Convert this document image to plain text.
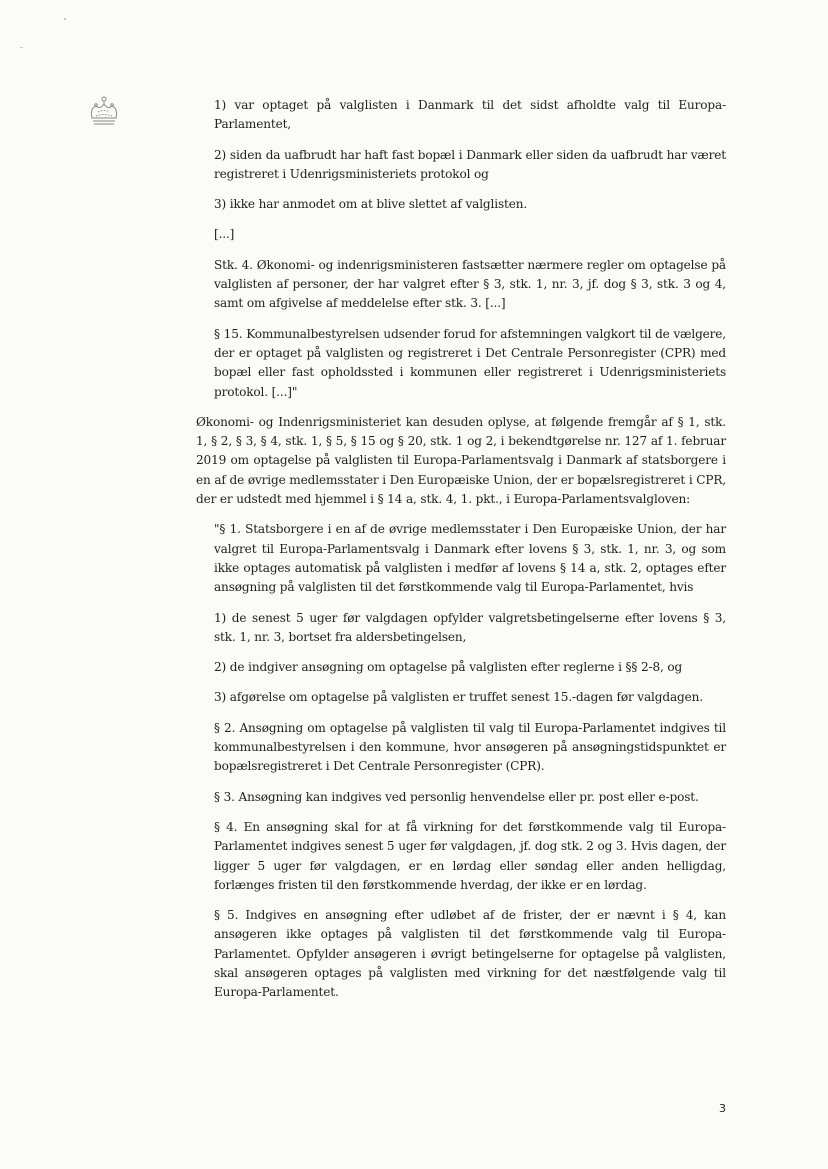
1) var optaget på valglisten i Danmark til det sidst afholdte valg til Europa-Parlamentet,

2) siden da uafbrudt har haft fast bopæl i Danmark eller siden da uafbrudt har været registreret i Udenrigsministeriets protokol og

3) ikke har anmodet om at blive slettet af valglisten.

[...]

Stk. 4. Økonomi- og indenrigsministeren fastsætter nærmere regler om optagelse på valglisten af personer, der har valgret efter § 3, stk. 1, nr. 3, jf. dog § 3, stk. 3 og 4, samt om afgivelse af meddelelse efter stk. 3. [...]

§ 15. Kommunalbestyrelsen udsender forud for afstemningen valgkort til de vælgere, der er optaget på valglisten og registreret i Det Centrale Personregister (CPR) med bopæl eller fast opholdssted i kommunen eller registreret i Udenrigsministeriets protokol. [...]"

Økonomi- og Indenrigsministeriet kan desuden oplyse, at følgende fremgår af § 1, stk. 1, § 2, § 3, § 4, stk. 1, § 5, § 15 og § 20, stk. 1 og 2, i bekendtgørelse nr. 127 af 1. februar 2019 om optagelse på valglisten til Europa-Parlamentsvalg i Danmark af statsborgere i en af de øvrige medlemsstater i Den Europæiske Union, der er bopælsregistreret i CPR, der er udstedt med hjemmel i § 14 a, stk. 4, 1. pkt., i Europa-Parlamentsvalgloven:

"§ 1. Statsborgere i en af de øvrige medlemsstater i Den Europæiske Union, der har valgret til Europa-Parlamentsvalg i Danmark efter lovens § 3, stk. 1, nr. 3, og som ikke optages automatisk på valglisten i medfør af lovens § 14 a, stk. 2, optages efter ansøgning på valglisten til det førstkommende valg til Europa-Parlamentet, hvis

1) de senest 5 uger før valgdagen opfylder valgretsbetingelserne efter lovens § 3, stk. 1, nr. 3, bortset fra aldersbetingelsen,

2) de indgiver ansøgning om optagelse på valglisten efter reglerne i §§ 2-8, og

3) afgørelse om optagelse på valglisten er truffet senest 15.-dagen før valgdagen.

§ 2. Ansøgning om optagelse på valglisten til valg til Europa-Parlamentet indgives til kommunalbestyrelsen i den kommune, hvor ansøgeren på ansøgningstidspunktet er bopælsregistreret i Det Centrale Personregister (CPR).

§ 3. Ansøgning kan indgives ved personlig henvendelse eller pr. post eller e-post.

§ 4. En ansøgning skal for at få virkning for det førstkommende valg til Europa-Parlamentet indgives senest 5 uger før valgdagen, jf. dog stk. 2 og 3. Hvis dagen, der ligger 5 uger før valgdagen, er en lørdag eller søndag eller anden helligdag, forlænges fristen til den førstkommende hverdag, der ikke er en lørdag.

§ 5. Indgives en ansøgning efter udløbet af de frister, der er nævnt i § 4, kan ansøgeren ikke optages på valglisten til det førstkommende valg til Europa-Parlamentet. Opfylder ansøgeren i øvrigt betingelserne for optagelse på valglisten, skal ansøgeren optages på valglisten med virkning for det næstfølgende valg til Europa-Parlamentet.

3
